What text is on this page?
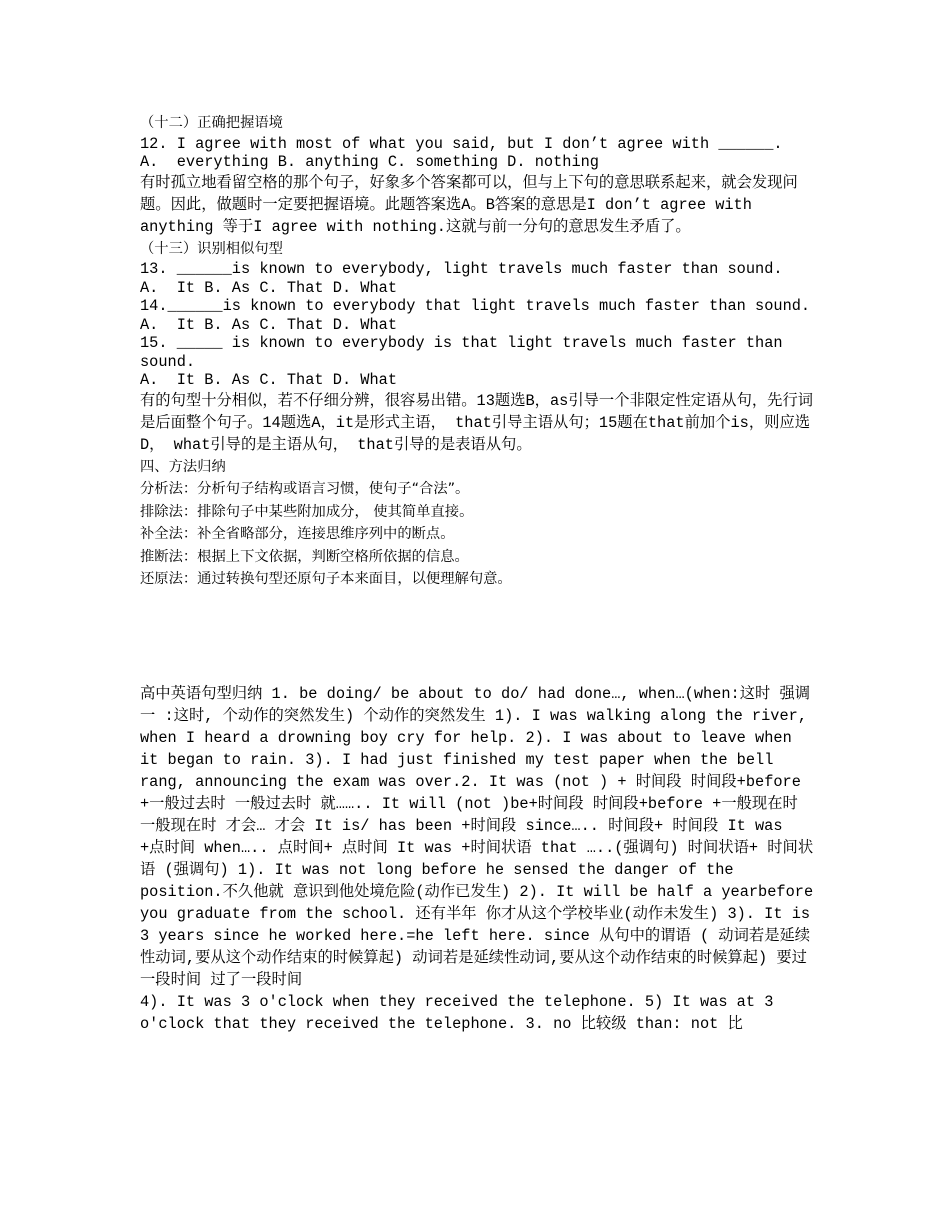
（十二）正确把握语境

12. I agree with most of what you said, but I don’t agree with ______.

A.  everything B. anything C. something D. nothing

有时孤立地看留空格的那个句子，好象多个答案都可以，但与上下句的意思联系起来，就会发现问题。因此，做题时一定要把握语境。此题答案选A。B答案的意思是I don’t agree with anything 等于I agree with nothing.这就与前一分句的意思发生矛盾了。

（十三）识别相似句型

13. ______is known to everybody, light travels much faster than sound.

A.  It B. As C. That D. What

14.______is known to everybody that light travels much faster than sound.

A.  It B. As C. That D. What

15. _____ is known to everybody is that light travels much faster than sound.

A.  It B. As C. That D. What

有的句型十分相似，若不仔细分辨，很容易出错。13题选B，as引导一个非限定性定语从句，先行词是后面整个句子。14题选A，it是形式主语， that引导主语从句；15题在that前加个is，则应选D， what引导的是主语从句， that引导的是表语从句。

四、方法归纳

分析法：分析句子结构或语言习惯，使句子“合法”。

排除法：排除句子中某些附加成分， 使其简单直接。

补全法：补全省略部分，连接思维序列中的断点。

推断法：根据上下文依据，判断空格所依据的信息。

还原法：通过转换句型还原句子本来面目，以便理解句意。

高中英语句型归纳 1. be doing/ be about to do/ had done…, when…(when:这时 强调一 :这时, 个动作的突然发生) 个动作的突然发生 1). I was walking along the river, when I heard a drowning boy cry for help. 2). I was about to leave when it began to rain. 3). I had just finished my test paper when the bell rang, announcing the exam was over.2. It was (not ) + 时间段 时间段+before +一般过去时 一般过去时 就…….. It will (not )be+时间段 时间段+before +一般现在时 一般现在时 才会… 才会 It is/ has been +时间段 since….. 时间段+ 时间段 It was +点时间 when….. 点时间+ 点时间 It was +时间状语 that …..(强调句) 时间状语+ 时间状语 (强调句) 1). It was not long before he sensed the danger of the position.不久他就 意识到他处境危险(动作已发生) 2). It will be half a yearbefore you graduate from the school. 还有半年 你才从这个学校毕业(动作未发生) 3). It is 3 years since he worked here.=he left here. since 从句中的谓语 ( 动词若是延续性动词,要从这个动作结束的时候算起) 动词若是延续性动词,要从这个动作结束的时候算起) 要过一段时间 过了一段时间

4). It was 3 o'clock when they received the telephone. 5) It was at 3 o'clock that they received the telephone. 3. no 比较级 than: not 比
